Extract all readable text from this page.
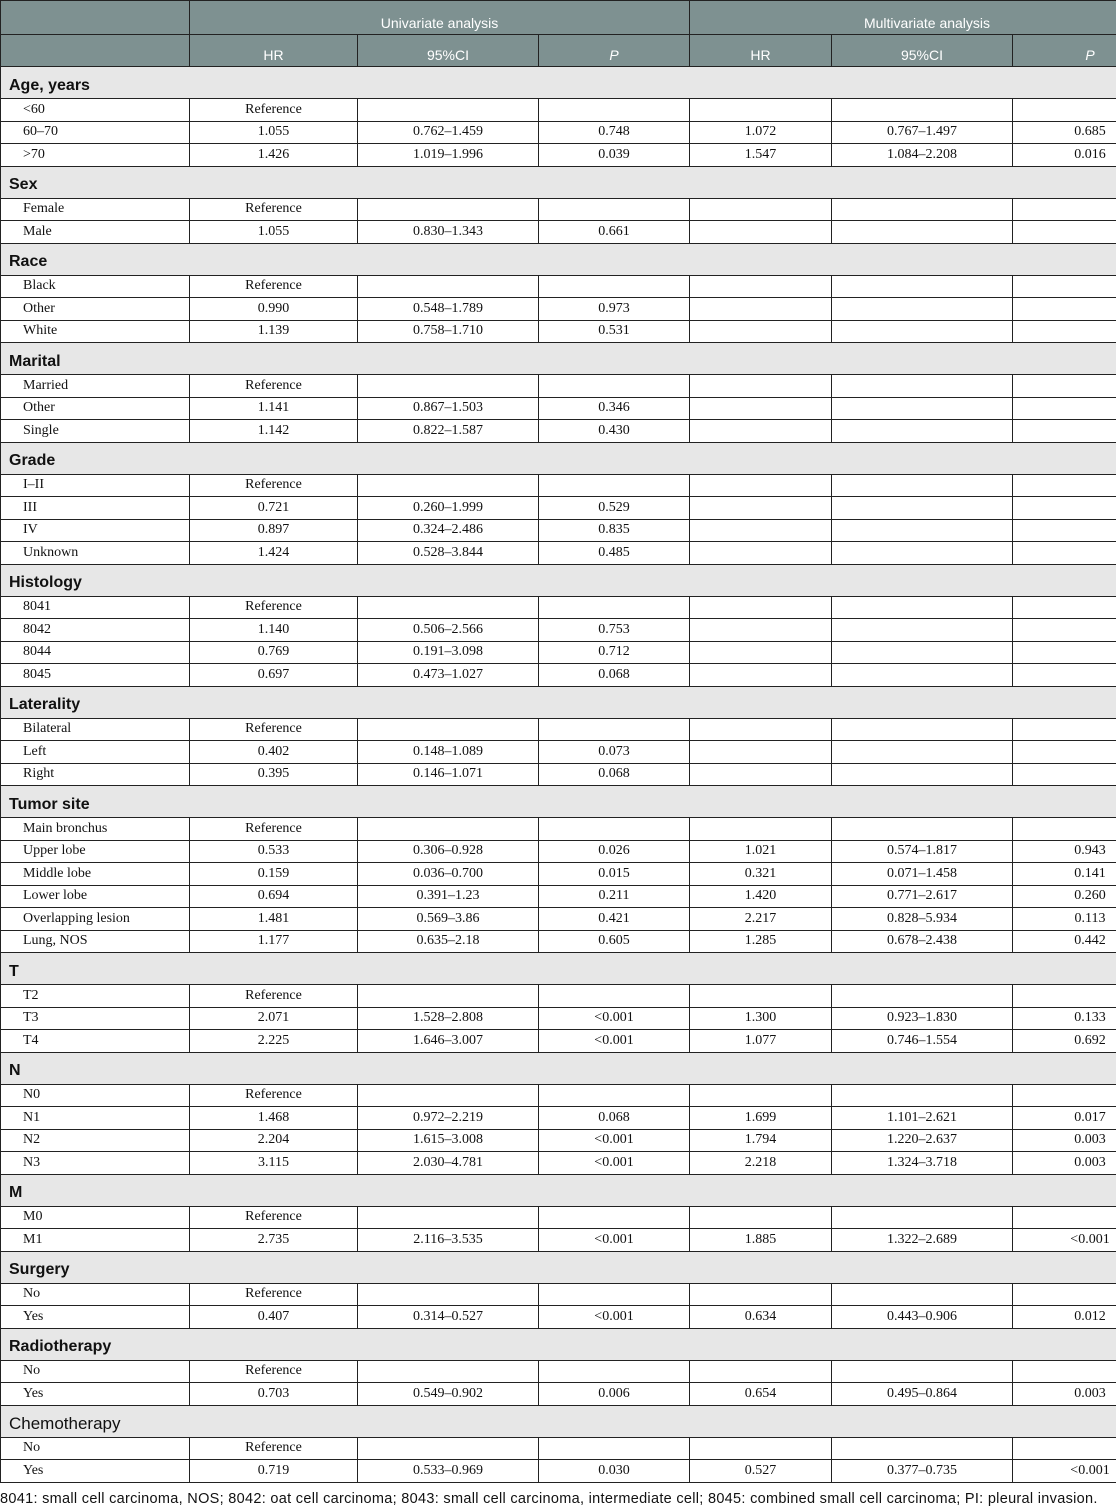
Univariate analysis	Multivariate analysis
HR	95%CI	P	HR	95%CI	P
Age, years
<60	Reference
60–70	1.055	0.762–1.459	0.748	1.072	0.767–1.497	0.685
>70	1.426	1.019–1.996	0.039	1.547	1.084–2.208	0.016
Sex
Female	Reference
Male	1.055	0.830–1.343	0.661
Race
Black	Reference
Other	0.990	0.548–1.789	0.973
White	1.139	0.758–1.710	0.531
Marital
Married	Reference
Other	1.141	0.867–1.503	0.346
Single	1.142	0.822–1.587	0.430
Grade
I–II	Reference
III	0.721	0.260–1.999	0.529
IV	0.897	0.324–2.486	0.835
Unknown	1.424	0.528–3.844	0.485
Histology
8041	Reference
8042	1.140	0.506–2.566	0.753
8044	0.769	0.191–3.098	0.712
8045	0.697	0.473–1.027	0.068
Laterality
Bilateral	Reference
Left	0.402	0.148–1.089	0.073
Right	0.395	0.146–1.071	0.068
Tumor site
Main bronchus	Reference
Upper lobe	0.533	0.306–0.928	0.026	1.021	0.574–1.817	0.943
Middle lobe	0.159	0.036–0.700	0.015	0.321	0.071–1.458	0.141
Lower lobe	0.694	0.391–1.23	0.211	1.420	0.771–2.617	0.260
Overlapping lesion	1.481	0.569–3.86	0.421	2.217	0.828–5.934	0.113
Lung, NOS	1.177	0.635–2.18	0.605	1.285	0.678–2.438	0.442
T
T2	Reference
T3	2.071	1.528–2.808	<0.001	1.300	0.923–1.830	0.133
T4	2.225	1.646–3.007	<0.001	1.077	0.746–1.554	0.692
N
N0	Reference
N1	1.468	0.972–2.219	0.068	1.699	1.101–2.621	0.017
N2	2.204	1.615–3.008	<0.001	1.794	1.220–2.637	0.003
N3	3.115	2.030–4.781	<0.001	2.218	1.324–3.718	0.003
M
M0	Reference
M1	2.735	2.116–3.535	<0.001	1.885	1.322–2.689	<0.001
Surgery
No	Reference
Yes	0.407	0.314–0.527	<0.001	0.634	0.443–0.906	0.012
Radiotherapy
No	Reference
Yes	0.703	0.549–0.902	0.006	0.654	0.495–0.864	0.003
Chemotherapy
No	Reference
Yes	0.719	0.533–0.969	0.030	0.527	0.377–0.735	<0.001
8041: small cell carcinoma, NOS; 8042: oat cell carcinoma; 8043: small cell carcinoma, intermediate cell; 8045: combined small cell carcinoma; PI: pleural invasion.
